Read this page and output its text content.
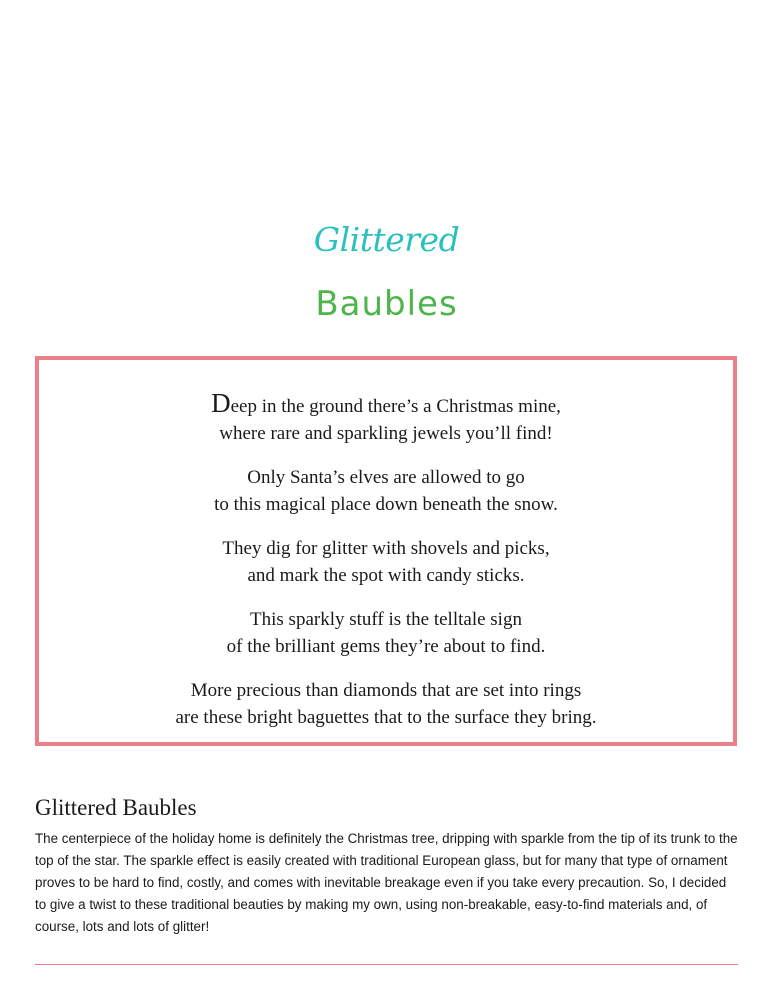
Glittered
Baubles

Deep in the ground there’s a Christmas mine,
where rare and sparkling jewels you’ll find!

Only Santa’s elves are allowed to go
to this magical place down beneath the snow.

They dig for glitter with shovels and picks,
and mark the spot with candy sticks.

This sparkly stuff is the telltale sign
of the brilliant gems they’re about to find.

More precious than diamonds that are set into rings
are these bright baguettes that to the surface they bring.

Glittered Baubles
The centerpiece of the holiday home is definitely the Christmas tree, dripping with sparkle from the tip of its trunk to the top of the star. The sparkle effect is easily created with traditional European glass, but for many that type of ornament proves to be hard to find, costly, and comes with inevitable breakage even if you take every precaution. So, I decided to give a twist to these traditional beauties by making my own, using non-breakable, easy-to-find materials and, of course, lots and lots of glitter!
